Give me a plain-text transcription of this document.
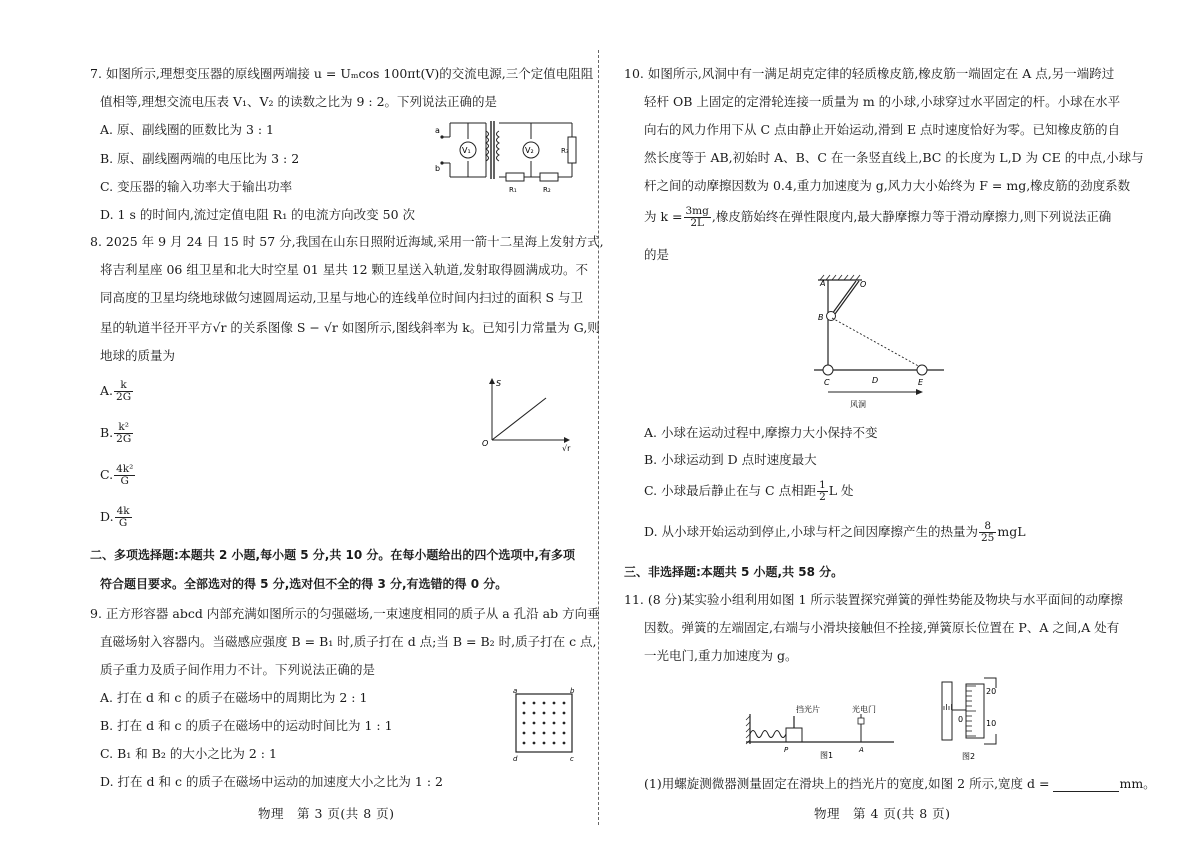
7. 如图所示,理想变压器的原线圈两端接 u = Uₘcos 100πt(V)的交流电源,三个定值电阻阻
值相等,理想交流电压表 V₁、V₂ 的读数之比为 9 : 2。下列说法正确的是
A. 原、副线圈的匝数比为 3 : 1
B. 原、副线圈两端的电压比为 3 : 2
C. 变压器的输入功率大于输出功率
D. 1 s 的时间内,流过定值电阻 R₁ 的电流方向改变 50 次
a
b
V₁	V₂
R₁	R₂
R₃
8. 2025 年 9 月 24 日 15 时 57 分,我国在山东日照附近海域,采用一箭十二星海上发射方式,
将吉利星座 06 组卫星和北大时空星 01 星共 12 颗卫星送入轨道,发射取得圆满成功。不
同高度的卫星均绕地球做匀速圆周运动,卫星与地心的连线单位时间内扫过的面积 S 与卫
星的轨道半径开平方√r 的关系图像 S − √r 如图所示,图线斜率为 k。已知引力常量为 G,则
地球的质量为
A. $\frac{k}{2G}$
B. $\frac{\text{k²}}{2G}$
C. $\frac{\text{4k²}}{G}$
D. $\frac{4k}{G}$
S
√r
O
二、多项选择题:本题共 2 小题,每小题 5 分,共 10 分。在每小题给出的四个选项中,有多项
符合题目要求。全部选对的得 5 分,选对但不全的得 3 分,有选错的得 0 分。
9. 正方形容器 abcd 内部充满如图所示的匀强磁场,一束速度相同的质子从 a 孔沿 ab 方向垂
直磁场射入容器内。当磁感应强度 B = B₁ 时,质子打在 d 点;当 B = B₂ 时,质子打在 c 点,
质子重力及质子间作用力不计。下列说法正确的是
A. 打在 d 和 c 的质子在磁场中的周期比为 2 : 1
B. 打在 d 和 c 的质子在磁场中的运动时间比为 1 : 1
C. B₁ 和 B₂ 的大小之比为 2 : 1
D. 打在 d 和 c 的质子在磁场中运动的加速度大小之比为 1 : 2
a	b
c
d
物理　第 3 页(共 8 页)
10. 如图所示,风洞中有一满足胡克定律的轻质橡皮筋,橡皮筋一端固定在 A 点,另一端跨过
轻杆 OB 上固定的定滑轮连接一质量为 m 的小球,小球穿过水平固定的杆。小球在水平
向右的风力作用下从 C 点由静止开始运动,滑到 E 点时速度恰好为零。已知橡皮筋的自
然长度等于 AB,初始时 A、B、C 在一条竖直线上,BC 的长度为 L,D 为 CE 的中点,小球与
杆之间的动摩擦因数为 0.4,重力加速度为 g,风力大小始终为 F = mg,橡皮筋的劲度系数
为 $k = \frac{3mg}{2L}$ ,橡皮筋始终在弹性限度内,最大静摩擦力等于滑动摩擦力,则下列说法正确
的是
A	O
B
C	D	E
风洞
A. 小球在运动过程中,摩擦力大小保持不变
B. 小球运动到 D 点时速度最大
C. 小球最后静止在与 C 点相距 $\frac{1}{2}$ L 处
D. 从小球开始运动到停止,小球与杆之间因摩擦产生的热量为 $\frac{8}{25}$ mgL
三、非选择题:本题共 5 小题,共 58 分。
11. (8 分)某实验小组利用如图 1 所示装置探究弹簧的弹性势能及物块与水平面间的动摩擦
因数。弹簧的左端固定,右端与小滑块接触但不拴接,弹簧原长位置在 P、A 之间,A 处有
一光电门,重力加速度为 g。
挡光片	光电门
P	A
图1
20
10
0
图2
(1)用螺旋测微器测量固定在滑块上的挡光片的宽度,如图 2 所示,宽度 d =	mm。
物理　第 4 页(共 8 页)
